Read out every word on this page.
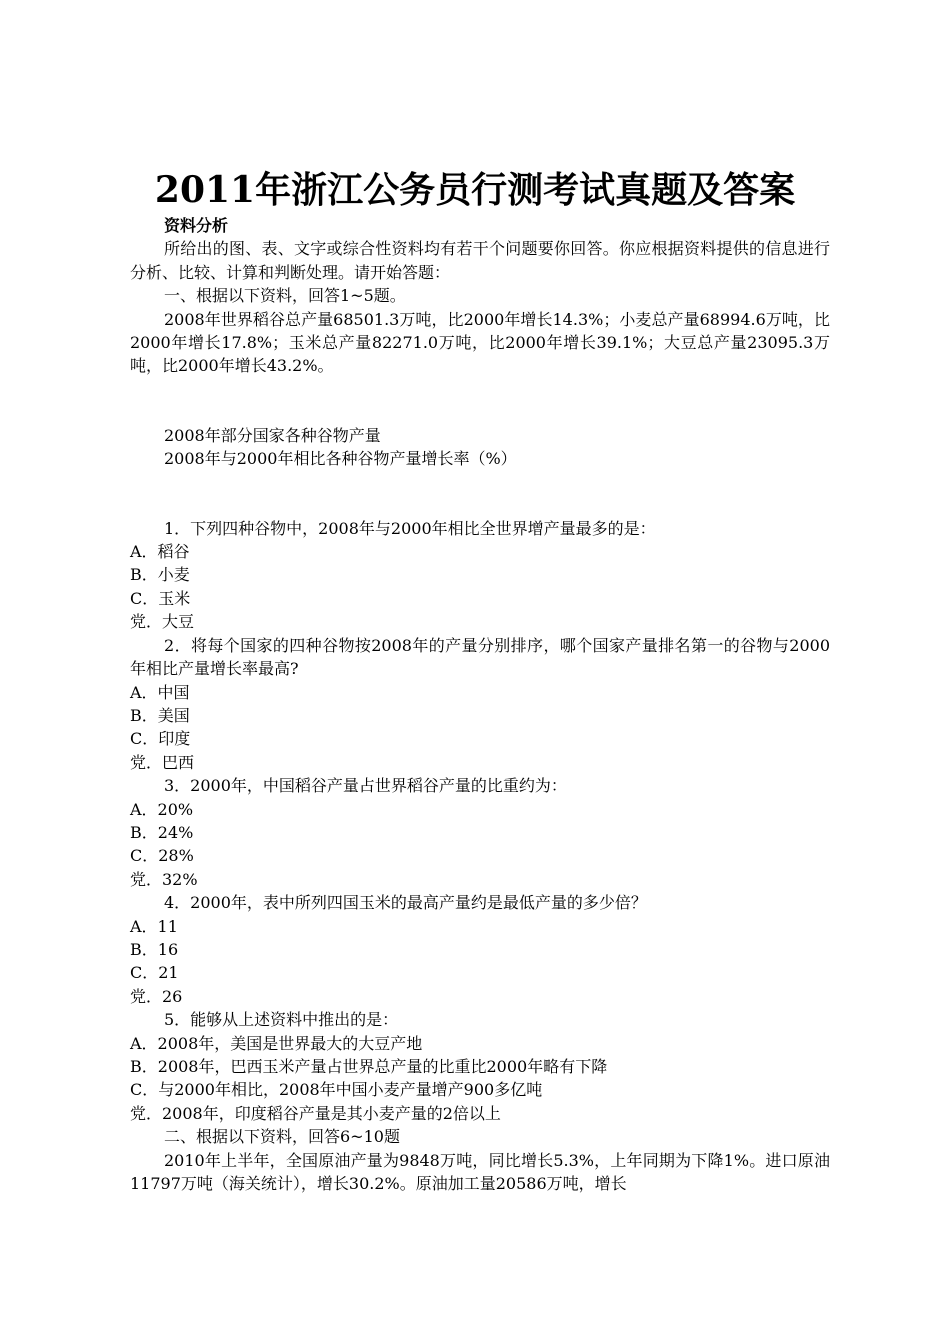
2011年浙江公务员行测考试真题及答案

资料分析

所给出的图、表、文字或综合性资料均有若干个问题要你回答。你应根据资料提供的信息进行分析、比较、计算和判断处理。请开始答题：

一、根据以下资料，回答1~5题。

2008年世界稻谷总产量68501.3万吨，比2000年增长14.3%；小麦总产量68994.6万吨，比2000年增长17.8%；玉米总产量82271.0万吨，比2000年增长39.1%；大豆总产量23095.3万吨，比2000年增长43.2%。

2008年部分国家各种谷物产量

2008年与2000年相比各种谷物产量增长率（%）

1．下列四种谷物中，2008年与2000年相比全世界增产量最多的是：

A．稻谷

B．小麦

C．玉米

党．大豆

2．将每个国家的四种谷物按2008年的产量分别排序，哪个国家产量排名第一的谷物与2000年相比产量增长率最高?

A．中国

B．美国

C．印度

党．巴西

3．2000年，中国稻谷产量占世界稻谷产量的比重约为：

A．20%

B．24%

C．28%

党．32%

4．2000年，表中所列四国玉米的最高产量约是最低产量的多少倍？

A．11

B．16

C．21

党．26

5．能够从上述资料中推出的是：

A．2008年，美国是世界最大的大豆产地

B．2008年，巴西玉米产量占世界总产量的比重比2000年略有下降

C．与2000年相比，2008年中国小麦产量增产900多亿吨

党．2008年，印度稻谷产量是其小麦产量的2倍以上

二、根据以下资料，回答6~10题

2010年上半年，全国原油产量为9848万吨，同比增长5.3%，上年同期为下降1%。进口原油11797万吨（海关统计），增长30.2%。原油加工量20586万吨，增长
